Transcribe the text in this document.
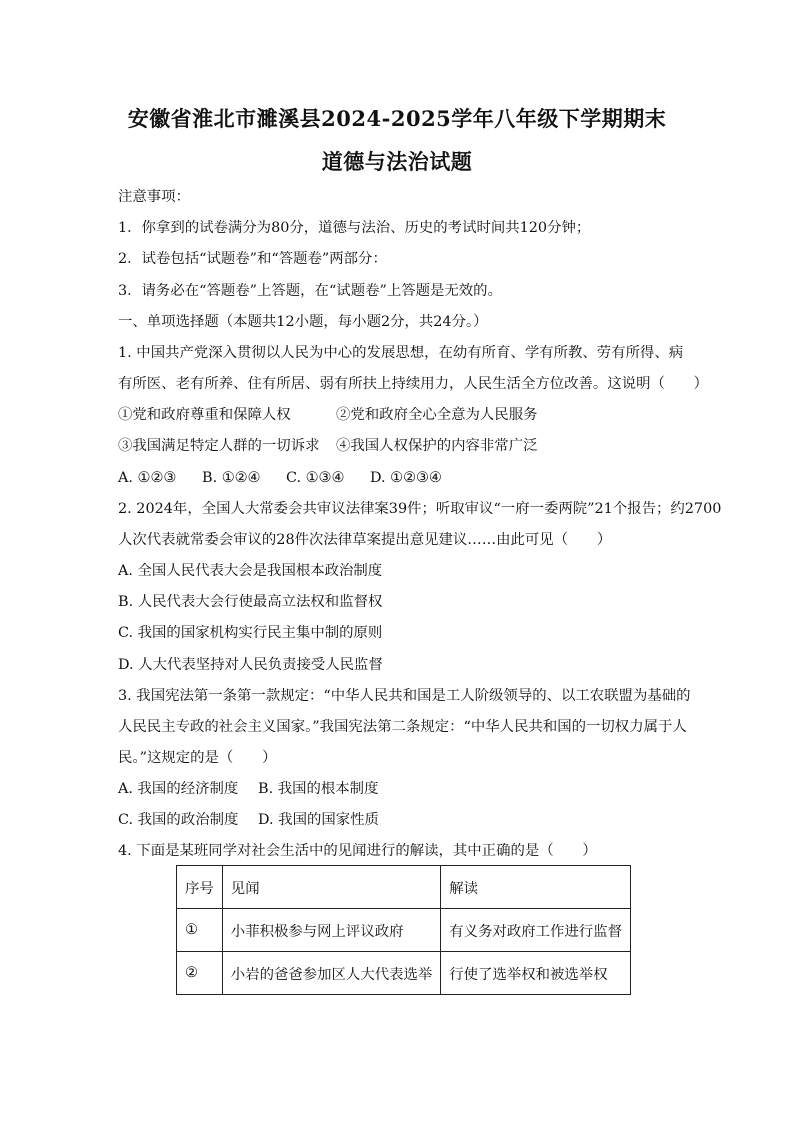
安徽省淮北市濉溪县2024-2025学年八年级下学期期末
道德与法治试题
注意事项：
1．你拿到的试卷满分为80分，道德与法治、历史的考试时间共120分钟；
2．试卷包括“试题卷”和“答题卷”两部分：
3．请务必在“答题卷”上答题，在“试题卷”上答题是无效的。
一、单项选择题（本题共12小题，每小题2分，共24分。）
1. 中国共产党深入贯彻以人民为中心的发展思想，在幼有所育、学有所教、劳有所得、病
有所医、老有所养、住有所居、弱有所扶上持续用力，人民生活全方位改善。这说明（　　）
①党和政府尊重和保障人权	②党和政府全心全意为人民服务
③我国满足特定人群的一切诉求 ④我国人权保护的内容非常广泛
A. ①②③ B. ①②④ C. ①③④ D. ①②③④
2. 2024年，全国人大常委会共审议法律案39件；听取审议“一府一委两院”21个报告；约2700
人次代表就常委会审议的28件次法律草案提出意见建议……由此可见（　　）
A. 全国人民代表大会是我国根本政治制度
B. 人民代表大会行使最高立法权和监督权
C. 我国的国家机构实行民主集中制的原则
D. 人大代表坚持对人民负责接受人民监督
3. 我国宪法第一条第一款规定：“中华人民共和国是工人阶级领导的、以工农联盟为基础的
人民民主专政的社会主义国家。”我国宪法第二条规定：“中华人民共和国的一切权力属于人
民。”这规定的是（　　）
A. 我国的经济制度 B. 我国的根本制度
C. 我国的政治制度 D. 我国的国家性质
4. 下面是某班同学对社会生活中的见闻进行的解读，其中正确的是（　　）
序号	见闻	解读
①	小菲积极参与网上评议政府	有义务对政府工作进行监督
②	小岩的爸爸参加区人大代表选举	行使了选举权和被选举权
